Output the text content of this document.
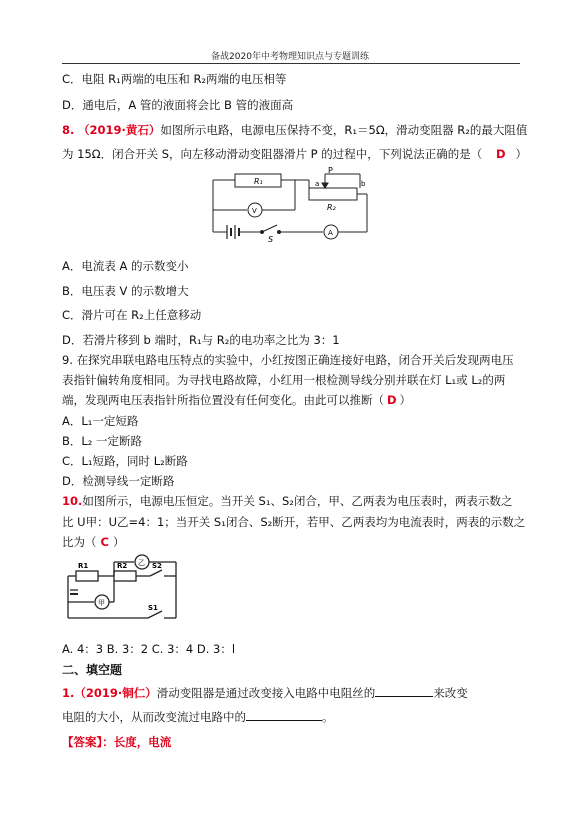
备战2020年中考物理知识点与专题训练
C．电阻 R₁两端的电压和 R₂两端的电压相等
D．通电后，A 管的液面将会比 B 管的液面高
8. （2019·黄石）如图所示电路，电源电压保持不变，R₁＝5Ω，滑动变阻器 R₂的最大阻值
为 15Ω．闭合开关 S，向左移动滑动变阻器滑片 P 的过程中，下列说法正确的是（ D ）
R₁
R₂
P
a	b
V
A
S
A．电流表 A 的示数变小
B．电压表 V 的示数增大
C．滑片可在 R₂上任意移动
D．若滑片移到 b 端时，R₁与 R₂的电功率之比为 3：1
9. 在探究串联电路电压特点的实验中，小红按图正确连接好电路，闭合开关后发现两电压
表指针偏转角度相同。为寻找电路故障，小红用一根检测导线分别并联在灯 L₁或 L₂的两
端，发现两电压表指针所指位置没有任何变化。由此可以推断（ D ）
A．L₁一定短路
B．L₂ 一定断路
C．L₁短路，同时 L₂断路
D．检测导线一定断路
10.如图所示，电源电压恒定。当开关 S₁、S₂闭合，甲、乙两表为电压表时，两表示数之
比 U甲：U乙=4：1；当开关 S₁闭合、S₂断开，若甲、乙两表均为电流表时，两表的示数之
比为（ C ）
R1	R2	S2
S1
乙
甲
A. 4：3 B. 3：2 C. 3：4 D. 3：l
二、填空题
1.（2019·铜仁）滑动变阻器是通过改变接入电路中电阻丝的	来改变
电阻的大小，从而改变流过电路中的	。
【答案】：长度，电流
